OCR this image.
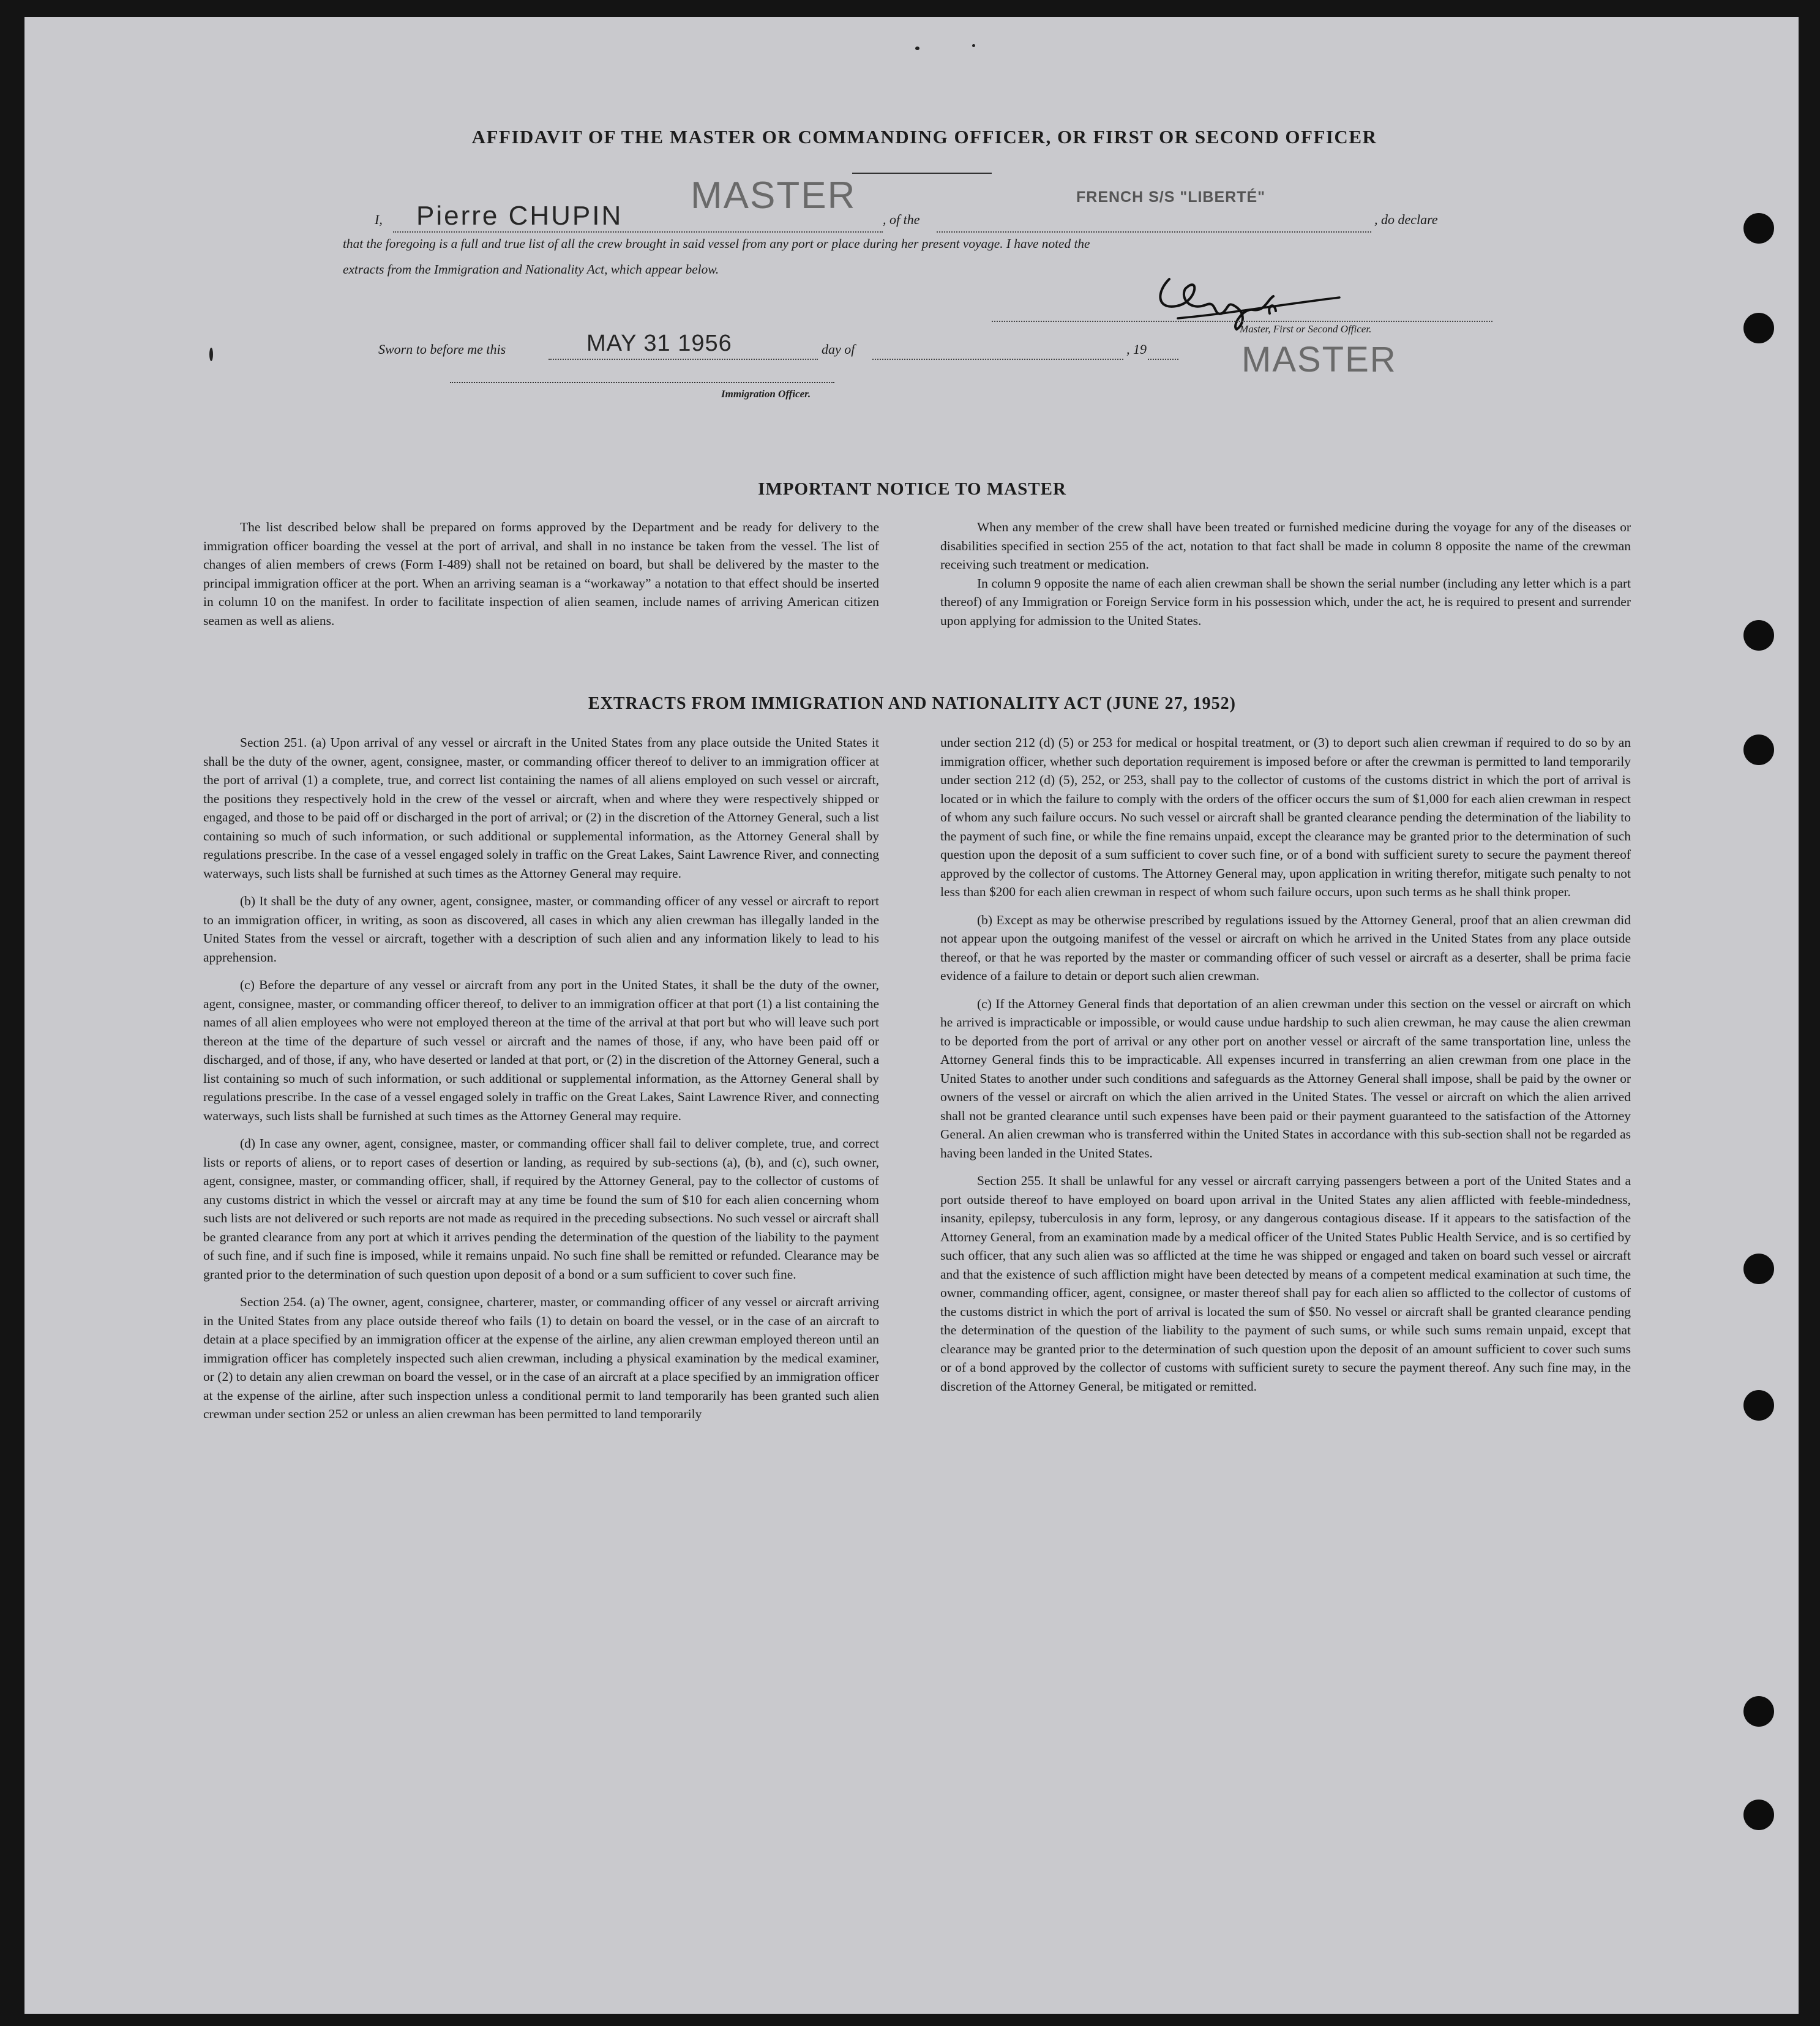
AFFIDAVIT OF THE MASTER OR COMMANDING OFFICER, OR FIRST OR SECOND OFFICER
I, Pierre CHUPIN MASTER
, of the
FRENCH S/S "LIBERTÉ"
, do declare
that the foregoing is a full and true list of all the crew brought in said vessel from any port or place during her present voyage. I have noted the
extracts from the Immigration and Nationality Act, which appear below.
Master, First or Second Officer.
MASTER
Sworn to before me this	MAY 31 1956	day of	, 19
Immigration Officer.
IMPORTANT NOTICE TO MASTER

The list described below shall be prepared on forms approved by the Department and be ready for delivery to the immigration officer boarding the vessel at the port of arrival, and shall in no instance be taken from the vessel. The list of changes of alien members of crews (Form I-489) shall not be retained on board, but shall be delivered by the master to the principal immigration officer at the port. When an arriving seaman is a “workaway” a notation to that effect should be inserted in column 10 on the manifest. In order to facilitate inspection of alien seamen, include names of arriving American citizen seamen as well as aliens.

When any member of the crew shall have been treated or furnished medicine during the voyage for any of the diseases or disabilities specified in section 255 of the act, notation to that fact shall be made in column 8 opposite the name of the crewman receiving such treatment or medication.

In column 9 opposite the name of each alien crewman shall be shown the serial number (including any letter which is a part thereof) of any Immigration or Foreign Service form in his possession which, under the act, he is required to present and surrender upon applying for admission to the United States.

EXTRACTS FROM IMMIGRATION AND NATIONALITY ACT (JUNE 27, 1952)

Section 251. (a) Upon arrival of any vessel or aircraft in the United States from any place outside the United States it shall be the duty of the owner, agent, consignee, master, or commanding officer thereof to deliver to an immigration officer at the port of arrival (1) a complete, true, and correct list containing the names of all aliens employed on such vessel or aircraft, the positions they respectively hold in the crew of the vessel or aircraft, when and where they were respectively shipped or engaged, and those to be paid off or discharged in the port of arrival; or (2) in the discretion of the Attorney General, such a list containing so much of such information, or such additional or supplemental information, as the Attorney General shall by regulations prescribe. In the case of a vessel engaged solely in traffic on the Great Lakes, Saint Lawrence River, and connecting waterways, such lists shall be furnished at such times as the Attorney General may require.

(b) It shall be the duty of any owner, agent, consignee, master, or commanding officer of any vessel or aircraft to report to an immigration officer, in writing, as soon as discovered, all cases in which any alien crewman has illegally landed in the United States from the vessel or aircraft, together with a description of such alien and any information likely to lead to his apprehension.

(c) Before the departure of any vessel or aircraft from any port in the United States, it shall be the duty of the owner, agent, consignee, master, or commanding officer thereof, to deliver to an immigration officer at that port (1) a list containing the names of all alien employees who were not employed thereon at the time of the arrival at that port but who will leave such port thereon at the time of the departure of such vessel or aircraft and the names of those, if any, who have been paid off or discharged, and of those, if any, who have deserted or landed at that port, or (2) in the discretion of the Attorney General, such a list containing so much of such information, or such additional or supplemental information, as the Attorney General shall by regulations prescribe. In the case of a vessel engaged solely in traffic on the Great Lakes, Saint Lawrence River, and connecting waterways, such lists shall be furnished at such times as the Attorney General may require.

(d) In case any owner, agent, consignee, master, or commanding officer shall fail to deliver complete, true, and correct lists or reports of aliens, or to report cases of desertion or landing, as required by sub-sections (a), (b), and (c), such owner, agent, consignee, master, or commanding officer, shall, if required by the Attorney General, pay to the collector of customs of any customs district in which the vessel or aircraft may at any time be found the sum of $10 for each alien concerning whom such lists are not delivered or such reports are not made as required in the preceding subsections. No such vessel or aircraft shall be granted clearance from any port at which it arrives pending the determination of the question of the liability to the payment of such fine, and if such fine is imposed, while it remains unpaid. No such fine shall be remitted or refunded. Clearance may be granted prior to the determination of such question upon deposit of a bond or a sum sufficient to cover such fine.

Section 254. (a) The owner, agent, consignee, charterer, master, or commanding officer of any vessel or aircraft arriving in the United States from any place outside thereof who fails (1) to detain on board the vessel, or in the case of an aircraft to detain at a place specified by an immigration officer at the expense of the airline, any alien crewman employed thereon until an immigration officer has completely inspected such alien crewman, including a physical examination by the medical examiner, or (2) to detain any alien crewman on board the vessel, or in the case of an aircraft at a place specified by an immigration officer at the expense of the airline, after such inspection unless a conditional permit to land temporarily has been granted such alien crewman under section 252 or unless an alien crewman has been permitted to land temporarily

under section 212 (d) (5) or 253 for medical or hospital treatment, or (3) to deport such alien crewman if required to do so by an immigration officer, whether such deportation requirement is imposed before or after the crewman is permitted to land temporarily under section 212 (d) (5), 252, or 253, shall pay to the collector of customs of the customs district in which the port of arrival is located or in which the failure to comply with the orders of the officer occurs the sum of $1,000 for each alien crewman in respect of whom any such failure occurs. No such vessel or aircraft shall be granted clearance pending the determination of the liability to the payment of such fine, or while the fine remains unpaid, except the clearance may be granted prior to the determination of such question upon the deposit of a sum sufficient to cover such fine, or of a bond with sufficient surety to secure the payment thereof approved by the collector of customs. The Attorney General may, upon application in writing therefor, mitigate such penalty to not less than $200 for each alien crewman in respect of whom such failure occurs, upon such terms as he shall think proper.

(b) Except as may be otherwise prescribed by regulations issued by the Attorney General, proof that an alien crewman did not appear upon the outgoing manifest of the vessel or aircraft on which he arrived in the United States from any place outside thereof, or that he was reported by the master or commanding officer of such vessel or aircraft as a deserter, shall be prima facie evidence of a failure to detain or deport such alien crewman.

(c) If the Attorney General finds that deportation of an alien crewman under this section on the vessel or aircraft on which he arrived is impracticable or impossible, or would cause undue hardship to such alien crewman, he may cause the alien crewman to be deported from the port of arrival or any other port on another vessel or aircraft of the same transportation line, unless the Attorney General finds this to be impracticable. All expenses incurred in transferring an alien crewman from one place in the United States to another under such conditions and safeguards as the Attorney General shall impose, shall be paid by the owner or owners of the vessel or aircraft on which the alien arrived in the United States. The vessel or aircraft on which the alien arrived shall not be granted clearance until such expenses have been paid or their payment guaranteed to the satisfaction of the Attorney General. An alien crewman who is transferred within the United States in accordance with this sub-section shall not be regarded as having been landed in the United States.

Section 255. It shall be unlawful for any vessel or aircraft carrying passengers between a port of the United States and a port outside thereof to have employed on board upon arrival in the United States any alien afflicted with feeble-mindedness, insanity, epilepsy, tuberculosis in any form, leprosy, or any dangerous contagious disease. If it appears to the satisfaction of the Attorney General, from an examination made by a medical officer of the United States Public Health Service, and is so certified by such officer, that any such alien was so afflicted at the time he was shipped or engaged and taken on board such vessel or aircraft and that the existence of such affliction might have been detected by means of a competent medical examination at such time, the owner, commanding officer, agent, consignee, or master thereof shall pay for each alien so afflicted to the collector of customs of the customs district in which the port of arrival is located the sum of $50. No vessel or aircraft shall be granted clearance pending the determination of the question of the liability to the payment of such sums, or while such sums remain unpaid, except that clearance may be granted prior to the determination of such question upon the deposit of an amount sufficient to cover such sums or of a bond approved by the collector of customs with sufficient surety to secure the payment thereof. Any such fine may, in the discretion of the Attorney General, be mitigated or remitted.
